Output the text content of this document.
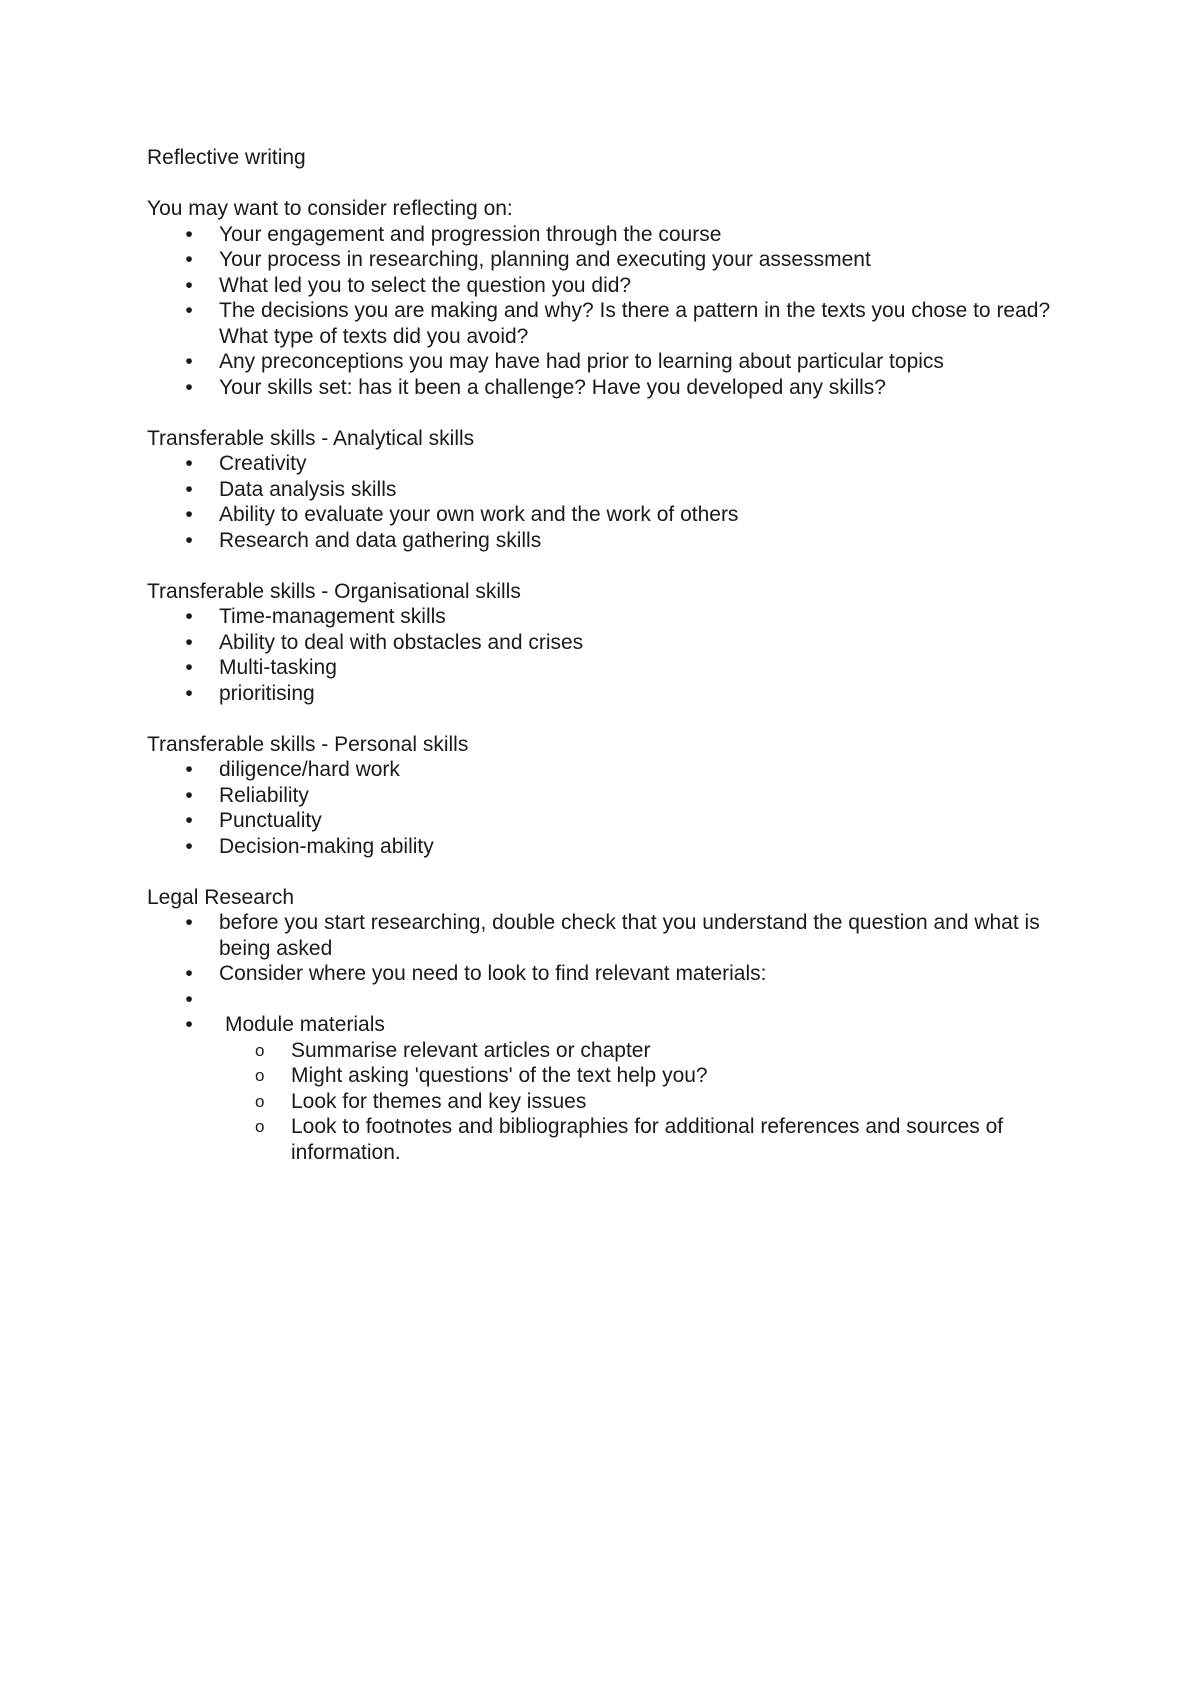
Reflective writing

You may want to consider reflecting on:

• Your engagement and progression through the course
• Your process in researching, planning and executing your assessment
• What led you to select the question you did?
• The decisions you are making and why? Is there a pattern in the texts you chose to read? What type of texts did you avoid?
• Any preconceptions you may have had prior to learning about particular topics
• Your skills set: has it been a challenge? Have you developed any skills?

Transferable skills - Analytical skills

• Creativity
• Data analysis skills
• Ability to evaluate your own work and the work of others
• Research and data gathering skills

Transferable skills - Organisational skills

• Time-management skills
• Ability to deal with obstacles and crises
• Multi-tasking
• prioritising

Transferable skills - Personal skills

• diligence/hard work
• Reliability
• Punctuality
• Decision-making ability

Legal Research

• before you start researching, double check that you understand the question and what is being asked
• Consider where you need to look to find relevant materials:
•
• Module materials
o Summarise relevant articles or chapter
o Might asking 'questions' of the text help you?
o Look for themes and key issues
o Look to footnotes and bibliographies for additional references and sources of information.
